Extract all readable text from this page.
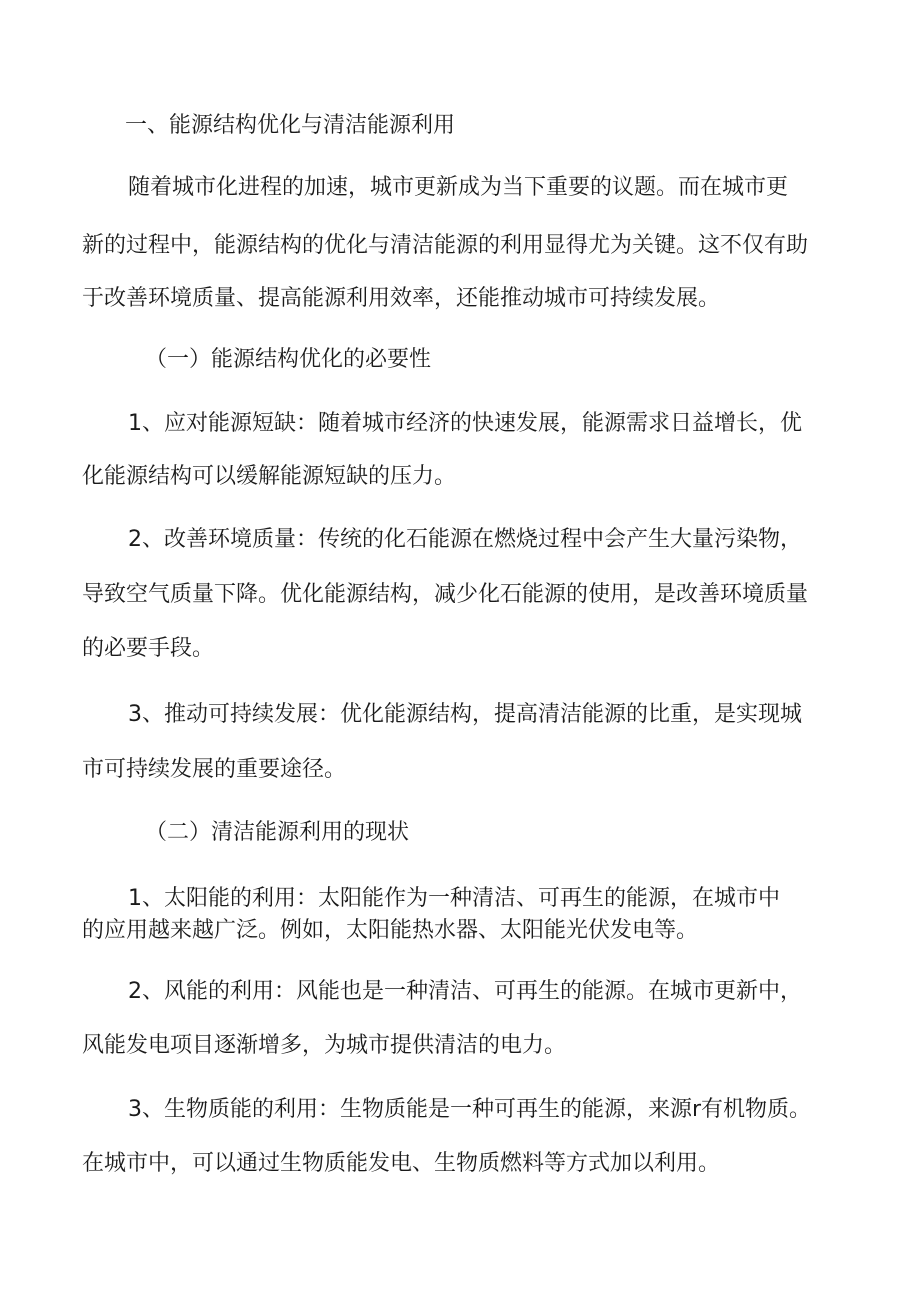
一、能源结构优化与清洁能源利用

随着城市化进程的加速，城市更新成为当下重要的议题。而在城市更

新的过程中，能源结构的优化与清洁能源的利用显得尤为关键。这不仅有助

于改善环境质量、提高能源利用效率，还能推动城市可持续发展。

（一）能源结构优化的必要性

1、应对能源短缺：随着城市经济的快速发展，能源需求日益增长，优

化能源结构可以缓解能源短缺的压力。

2、改善环境质量：传统的化石能源在燃烧过程中会产生大量污染物，

导致空气质量下降。优化能源结构，减少化石能源的使用，是改善环境质量

的必要手段。

3、推动可持续发展：优化能源结构，提高清洁能源的比重，是实现城

市可持续发展的重要途径。

（二）清洁能源利用的现状

1、太阳能的利用：太阳能作为一种清洁、可再生的能源，在城市中

的应用越来越广泛。例如，太阳能热水器、太阳能光伏发电等。

2、风能的利用：风能也是一种清洁、可再生的能源。在城市更新中，

风能发电项目逐渐增多，为城市提供清洁的电力。

3、生物质能的利用：生物质能是一种可再生的能源，来源r有机物质。

在城市中，可以通过生物质能发电、生物质燃料等方式加以利用。
